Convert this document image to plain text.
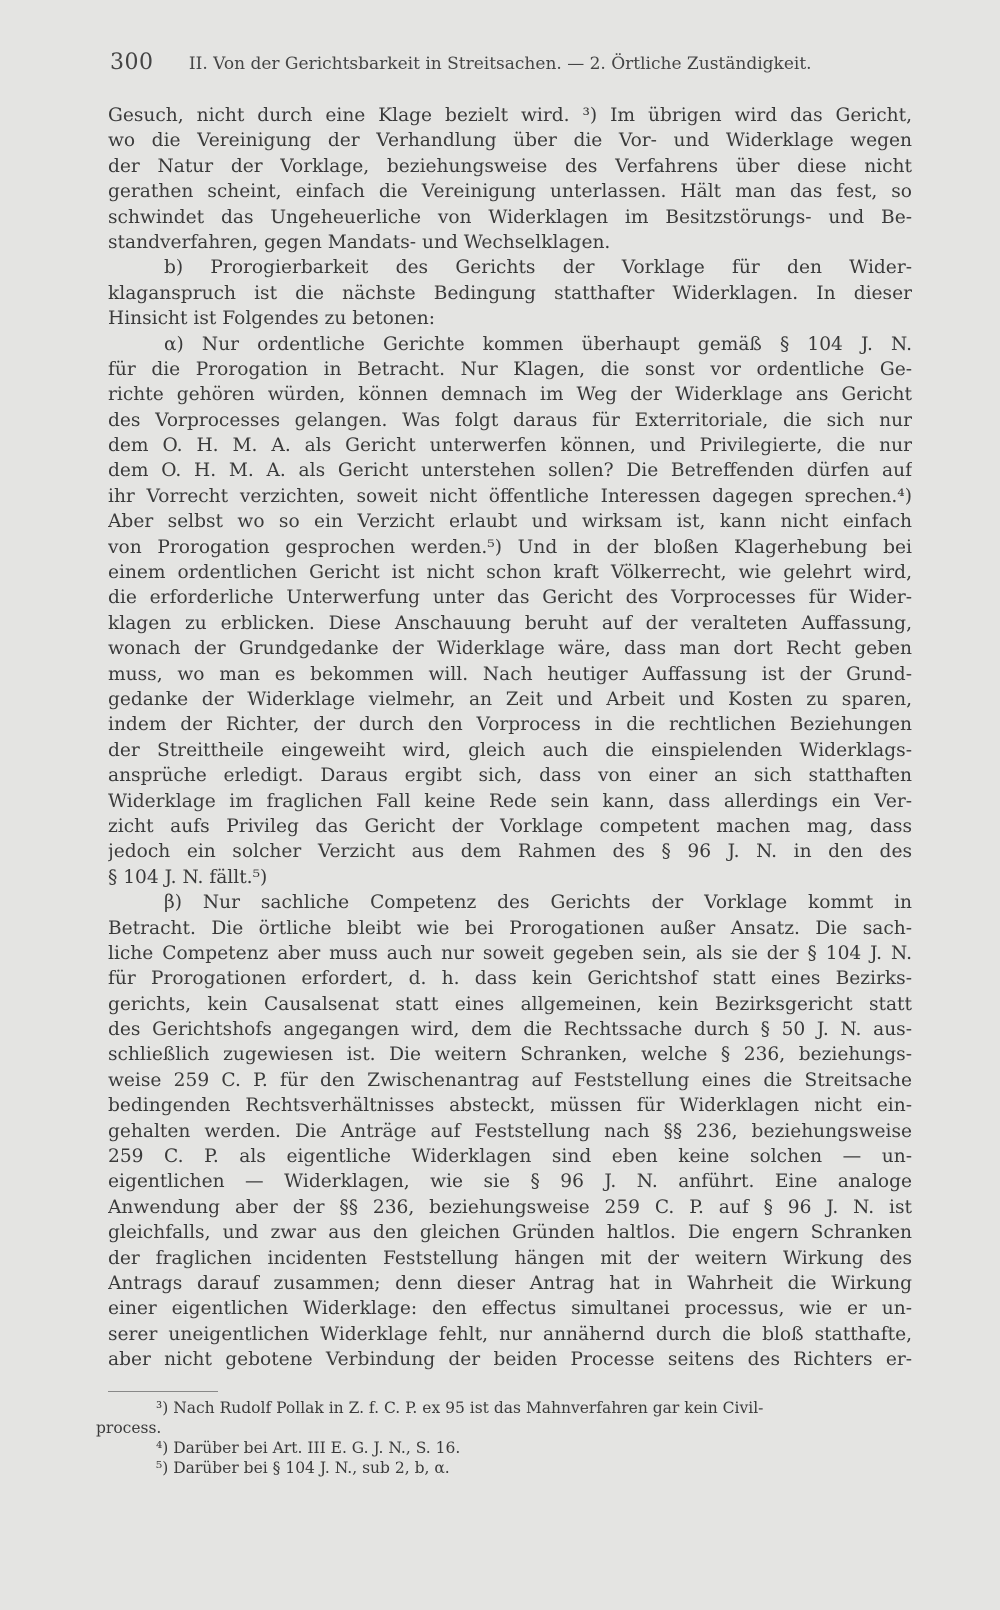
300 II. Von der Gerichtsbarkeit in Streitsachen. — 2. Örtliche Zuständigkeit.
Gesuch, nicht durch eine Klage bezielt wird. ³) Im übrigen wird das Gericht,
wo die Vereinigung der Verhandlung über die Vor- und Widerklage wegen
der Natur der Vorklage, beziehungsweise des Verfahrens über diese nicht
gerathen scheint, einfach die Vereinigung unterlassen. Hält man das fest, so
schwindet das Ungeheuerliche von Widerklagen im Besitzstörungs- und Be-
standverfahren, gegen Mandats- und Wechselklagen.
b) Prorogierbarkeit des Gerichts der Vorklage für den Wider-
klaganspruch ist die nächste Bedingung statthafter Widerklagen. In dieser
Hinsicht ist Folgendes zu betonen:
α) Nur ordentliche Gerichte kommen überhaupt gemäß § 104 J. N.
für die Prorogation in Betracht. Nur Klagen, die sonst vor ordentliche Ge-
richte gehören würden, können demnach im Weg der Widerklage ans Gericht
des Vorprocesses gelangen. Was folgt daraus für Exterritoriale, die sich nur
dem O. H. M. A. als Gericht unterwerfen können, und Privilegierte, die nur
dem O. H. M. A. als Gericht unterstehen sollen? Die Betreffenden dürfen auf
ihr Vorrecht verzichten, soweit nicht öffentliche Interessen dagegen sprechen.⁴)
Aber selbst wo so ein Verzicht erlaubt und wirksam ist, kann nicht einfach
von Prorogation gesprochen werden.⁵) Und in der bloßen Klagerhebung bei
einem ordentlichen Gericht ist nicht schon kraft Völkerrecht, wie gelehrt wird,
die erforderliche Unterwerfung unter das Gericht des Vorprocesses für Wider-
klagen zu erblicken. Diese Anschauung beruht auf der veralteten Auffassung,
wonach der Grundgedanke der Widerklage wäre, dass man dort Recht geben
muss, wo man es bekommen will. Nach heutiger Auffassung ist der Grund-
gedanke der Widerklage vielmehr, an Zeit und Arbeit und Kosten zu sparen,
indem der Richter, der durch den Vorprocess in die rechtlichen Beziehungen
der Streittheile eingeweiht wird, gleich auch die einspielenden Widerklags-
ansprüche erledigt. Daraus ergibt sich, dass von einer an sich statthaften
Widerklage im fraglichen Fall keine Rede sein kann, dass allerdings ein Ver-
zicht aufs Privileg das Gericht der Vorklage competent machen mag, dass
jedoch ein solcher Verzicht aus dem Rahmen des § 96 J. N. in den des
§ 104 J. N. fällt.⁵)
β) Nur sachliche Competenz des Gerichts der Vorklage kommt in
Betracht. Die örtliche bleibt wie bei Prorogationen außer Ansatz. Die sach-
liche Competenz aber muss auch nur soweit gegeben sein, als sie der § 104 J. N.
für Prorogationen erfordert, d. h. dass kein Gerichtshof statt eines Bezirks-
gerichts, kein Causalsenat statt eines allgemeinen, kein Bezirksgericht statt
des Gerichtshofs angegangen wird, dem die Rechtssache durch § 50 J. N. aus-
schließlich zugewiesen ist. Die weitern Schranken, welche § 236, beziehungs-
weise 259 C. P. für den Zwischenantrag auf Feststellung eines die Streitsache
bedingenden Rechtsverhältnisses absteckt, müssen für Widerklagen nicht ein-
gehalten werden. Die Anträge auf Feststellung nach §§ 236, beziehungsweise
259 C. P. als eigentliche Widerklagen sind eben keine solchen — un-
eigentlichen — Widerklagen, wie sie § 96 J. N. anführt. Eine analoge
Anwendung aber der §§ 236, beziehungsweise 259 C. P. auf § 96 J. N. ist
gleichfalls, und zwar aus den gleichen Gründen haltlos. Die engern Schranken
der fraglichen incidenten Feststellung hängen mit der weitern Wirkung des
Antrags darauf zusammen; denn dieser Antrag hat in Wahrheit die Wirkung
einer eigentlichen Widerklage: den effectus simultanei processus, wie er un-
serer uneigentlichen Widerklage fehlt, nur annähernd durch die bloß statthafte,
aber nicht gebotene Verbindung der beiden Processe seitens des Richters er-
³) Nach Rudolf Pollak in Z. f. C. P. ex 95 ist das Mahnverfahren gar kein Civil-
process.
⁴) Darüber bei Art. III E. G. J. N., S. 16.
⁵) Darüber bei § 104 J. N., sub 2, b, α.
